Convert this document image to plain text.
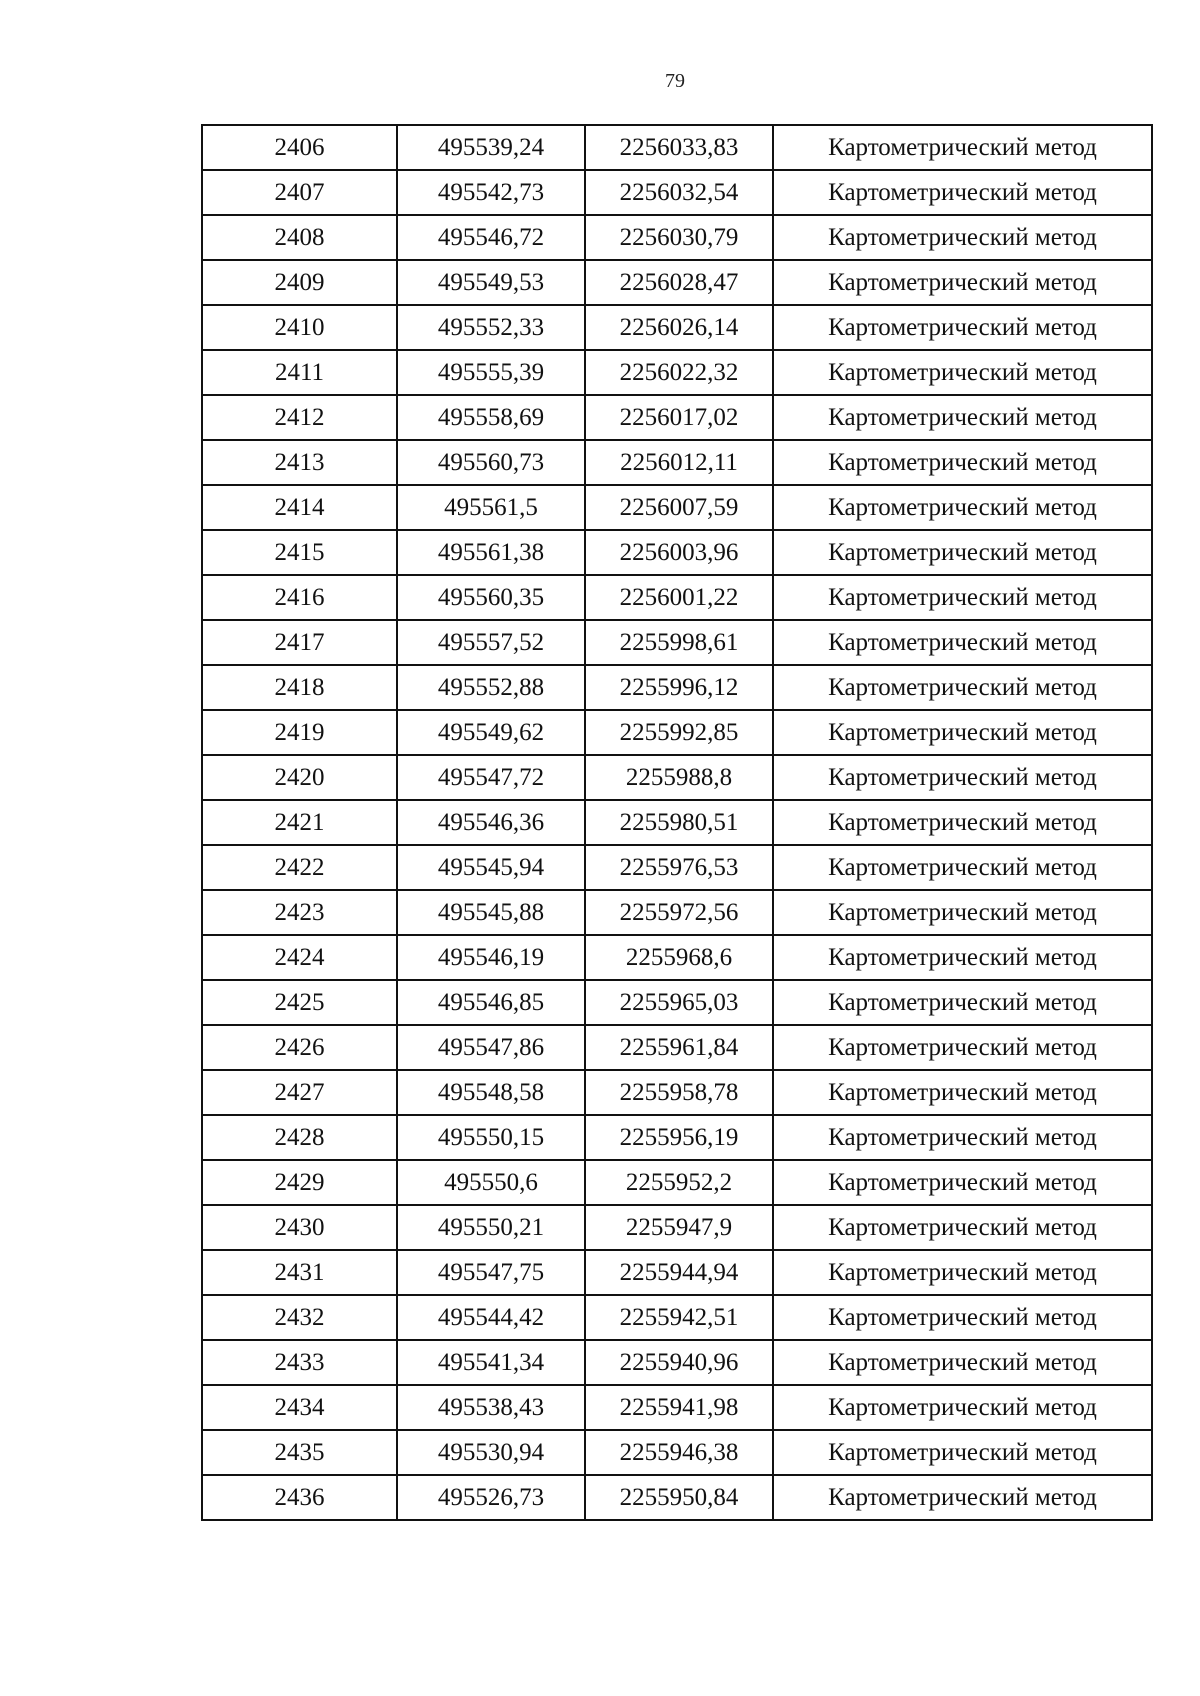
79
2406	495539,24	2256033,83	Картометрический метод
2407	495542,73	2256032,54	Картометрический метод
2408	495546,72	2256030,79	Картометрический метод
2409	495549,53	2256028,47	Картометрический метод
2410	495552,33	2256026,14	Картометрический метод
2411	495555,39	2256022,32	Картометрический метод
2412	495558,69	2256017,02	Картометрический метод
2413	495560,73	2256012,11	Картометрический метод
2414	495561,5	2256007,59	Картометрический метод
2415	495561,38	2256003,96	Картометрический метод
2416	495560,35	2256001,22	Картометрический метод
2417	495557,52	2255998,61	Картометрический метод
2418	495552,88	2255996,12	Картометрический метод
2419	495549,62	2255992,85	Картометрический метод
2420	495547,72	2255988,8	Картометрический метод
2421	495546,36	2255980,51	Картометрический метод
2422	495545,94	2255976,53	Картометрический метод
2423	495545,88	2255972,56	Картометрический метод
2424	495546,19	2255968,6	Картометрический метод
2425	495546,85	2255965,03	Картометрический метод
2426	495547,86	2255961,84	Картометрический метод
2427	495548,58	2255958,78	Картометрический метод
2428	495550,15	2255956,19	Картометрический метод
2429	495550,6	2255952,2	Картометрический метод
2430	495550,21	2255947,9	Картометрический метод
2431	495547,75	2255944,94	Картометрический метод
2432	495544,42	2255942,51	Картометрический метод
2433	495541,34	2255940,96	Картометрический метод
2434	495538,43	2255941,98	Картометрический метод
2435	495530,94	2255946,38	Картометрический метод
2436	495526,73	2255950,84	Картометрический метод
